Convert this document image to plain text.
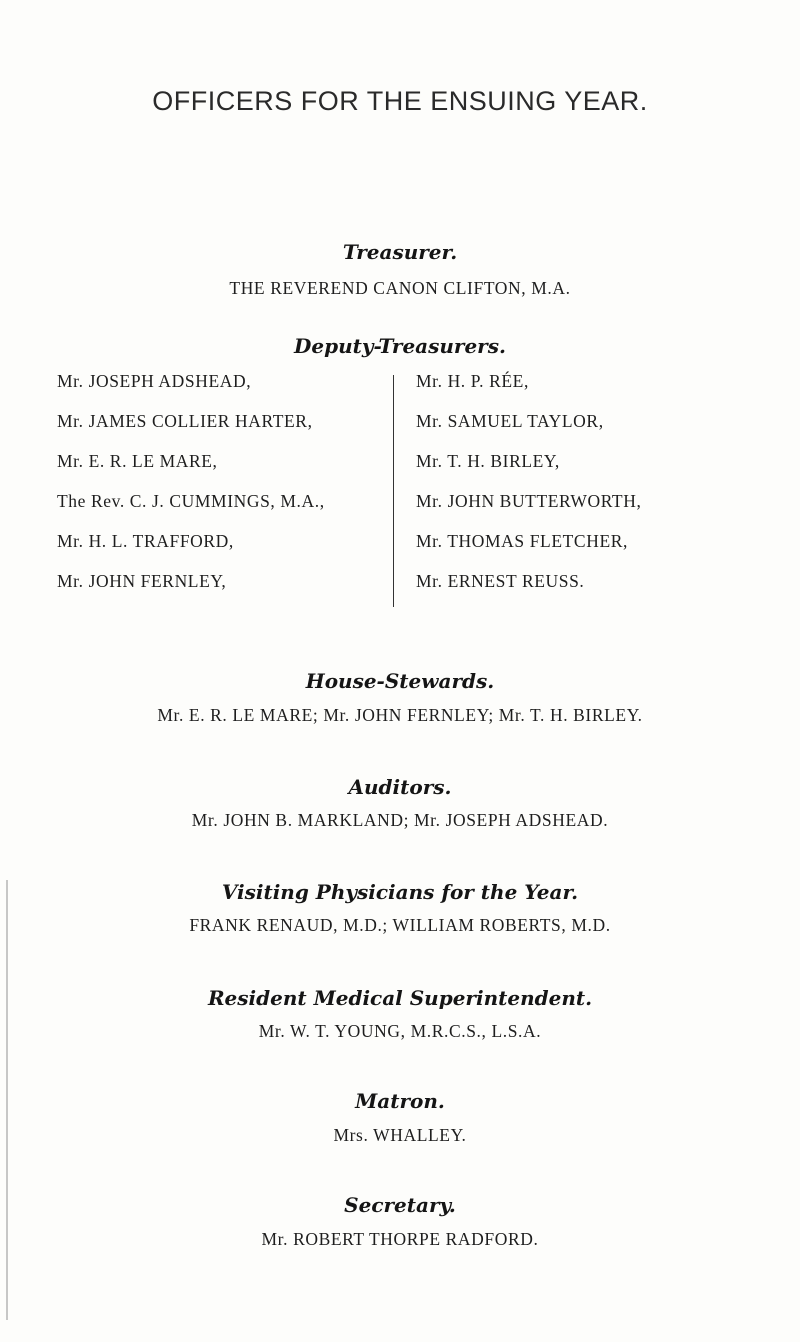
OFFICERS FOR THE ENSUING YEAR.
Treasurer.
THE REVEREND CANON CLIFTON, M.A.
Deputy-Treasurers.
Mr. JOSEPH ADSHEAD,
Mr. JAMES COLLIER HARTER,
Mr. E. R. LE MARE,
The Rev. C. J. CUMMINGS, M.A.,
Mr. H. L. TRAFFORD,
Mr. JOHN FERNLEY,
Mr. H. P. RÉE,
Mr. SAMUEL TAYLOR,
Mr. T. H. BIRLEY,
Mr. JOHN BUTTERWORTH,
Mr. THOMAS FLETCHER,
Mr. ERNEST REUSS.
House-Stewards.
Mr. E. R. LE MARE; Mr. JOHN FERNLEY; Mr. T. H. BIRLEY.
Auditors.
Mr. JOHN B. MARKLAND; Mr. JOSEPH ADSHEAD.
Visiting Physicians for the Year.
FRANK RENAUD, M.D.; WILLIAM ROBERTS, M.D.
Resident Medical Superintendent.
Mr. W. T. YOUNG, M.R.C.S., L.S.A.
Matron.
Mrs. WHALLEY.
Secretary.
Mr. ROBERT THORPE RADFORD.
